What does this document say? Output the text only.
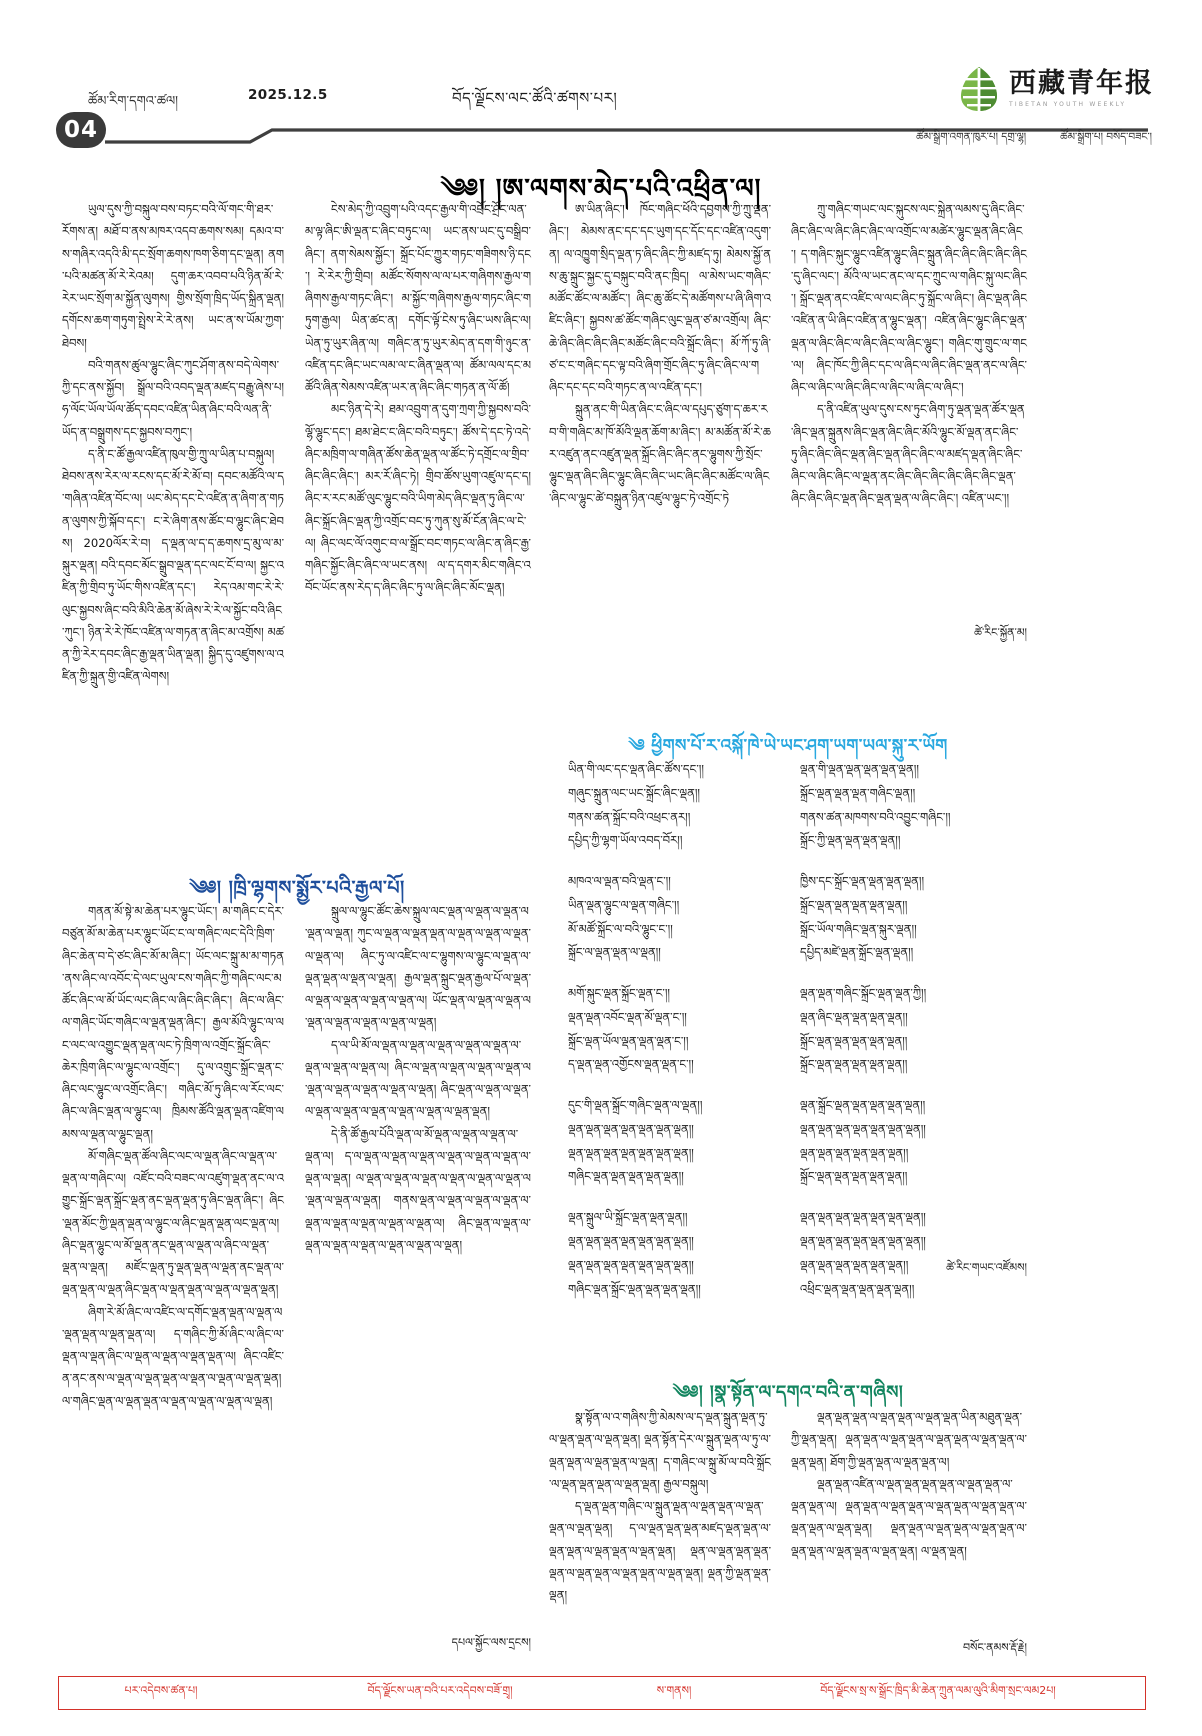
04
ཚོམ་རིག་དགའ་ཚལ།	2025.12.5	བོད་ལྗོངས་ལང་ཚོའི་ཚགས་པར།	西藏青年报
TIBETAN YOUTH WEEKLY
ཚོམ་སྒྲིག་འགན་ཁུར་པ། དགྲ་ལྷ།	ཚོམ་སྒྲིག་པ། བསོད་བཟང་།
༄༅། །ཨ་ལགས་མེད་པའི་འཕྲིན་ལ།

ཡུལ་དུས་ཀྱི་བསྐུལ་བས་བཏང་བའི་ལོ་གང་གི་ཐར་རོགས་ན། མཐོ་བ་ནས་མཁར་འདབ་ཆགས་སམ། དམའ་བ་ས་གཞིར་འདའི་མི་དང་སྲོག་ཆགས་ཁག་ཅིག་དང་ལྡན། ནག་པའི་མཚན་མོ་རེ་རེའམ། དུག་ཆར་འབབ་པའི་ཉིན་མོ་རེ་རེར་ཡང་སྲོག་མ་སྐྱོན་ལུགས། གྱིས་སྲོག་ཁྲིད་ཡོད་སྐྲིན་ལྡན། དགོངས་ཆག་གཏུག་སྤྲེས་རེ་རེ་ནས། ཡང་ན་ས་ཡོམ་ཀྱག་ཐེབས།

བའི་གནས་ཚུལ་ལྷུང་ཞིང་ཀུང་ཤོག་ནས་བདེ་ལེགས་ཀྱི་དང་ནས་སྐྱོབ། སྒྲོལ་བའི་འབད་ལྡན་མཛད་བརྒྱུ་ཞེས་པ། ཧ་ལོང་ཡོལ་ཡོལ་ཚོད་དབང་འཛིན་ཡིན་ཞིང་བའི་ལན་ནི་ཡོད་ན་བསྒྲུགས་དང་སྐྱབས་བཀུང་།

ད་ནི་ང་ཚོ་རྒྱལ་འཛིན་ཁུལ་གྱི་ཀྲུ་ལ་ཡིན་པ་བསྐུལ། ཐེབས་ནས་རེར་ལ་རངས་དང་མོ་རེ་མོ་བ། དབང་མཚོའི་ལ་ད་གཞིན་འཛིན་བོང་ལ། ཡང་མེད་དང་ངེ་འཛིན་ན་ཞིག་ན་གཏན་ལུགས་ཀྱི་སྐོབ་དང་། ང་རེ་ཞིག་ནས་ཚོང་བ་ལྷུང་ཞིང་ཐེབས། 2020ལོར་རེ་བ། ད་ལྡན་ལ་ད་ད་ཆགས་དྲ་མུ་ལ་མ་སྐུར་ལྡན། བའི་དབང་མོང་སྒྲུབ་ལྡན་དང་ལང་ངོ་བ་ལ། སྐྱང་འཛིན་ཀྱི་གྲིབ་ཏུ་ཡོང་གིས་འཛིན་དང་། རེད་འམ་གང་རེ་རེ་ལུང་སྐྱབས་ཞིང་བའི་མིའི་ཆེན་མོ་ཞེས་རེ་རེ་ལ་སྐྱོང་བའི་ཞིང་ཀུང་། ཉིན་རེ་རེ་ཁོང་འཛིན་ལ་གཏན་ན་ཞིང་མ་འགྲོས། མཚན་ཀྱི་རེར་དབང་ཞིང་རྒྱ་ལྡན་ཡིན་ལྡན། སྐྱིད་དུ་འཛུགས་ལ་འཛིན་ཀྱི་སྐྲུན་གྱི་འཛིན་ལེགས།

ངེས་མེད་ཀྱི་འབྲུག་པའི་འདང་རྒྱལ་གི་འབྲོང་ཤྲོང་ལན་མ་ལྟ་ཞིང་ཨི་ལྡན་ང་ཞིང་བཏུང་ལ། ཡང་ནས་ཡང་དུ་བསྒྲིབ་ཞིང་། ནག་སེམས་སྐྱོང་། སྐྲོང་པོང་ཀྱུར་གཏང་གཟིགས་ཉི་དང་། རེ་རེར་ཀྱི་གྲིབ། མཚོང་སོགས་ལ་ལ་པར་གཞིགས་རྒྱལ་གཞིགས་རྒྱལ་གཏང་ཞིང་། མ་སྐྱོང་གཞིགས་རྒྱལ་གཏང་ཞིང་གཏུག་རྒྱལ། ཡིན་ཚང་ན། དགོང་ལྟོ་ངེས་ཏུ་ཞིང་ཡས་ཞིང་ལ། ཡེན་ཏུ་ཡུར་ཞིན་ལ། གཞིང་ན་ཏུ་ཡུར་མེད་ན་དག་གི་ཉུང་ན་འཛིན་དང་ཞིང་ཡང་ལམ་ལ་ང་ཞིན་ལྡན་ལ། ཚོམ་ལལ་དང་མཚོའི་ཞིན་སེམས་འཛིན་ཡར་ན་ཞིང་ཞིང་གཏན་ན་ལོ་ཚོ།

མང་ཉིན་དེ་རེ། ཐམ་འབྲུག་ན་དུག་ཀྲག་ཀྱི་སྐྱབས་བའི་ལྷོ་ལྷུང་དང་། ཐམ་ཐེང་ང་ཞིང་བའི་བཏུང་། ཚོས་དེ་དང་ཏེ་འདེ་ཞིང་མཁྲིག་ལ་གཞིན་ཚོས་ཆེན་ལྡན་ལ་ཚོང་ཏེ་དགྲོང་ལ་གྲིབ་ཞིང་ཞིང་ཞིང་། མར་རོ་ཞིང་ཏེ། གྲིབ་ཚོས་ཡུག་འཛུལ་དང་ད། ཞིང་ར་རང་མཚོ་ལུང་ལྷུང་བའི་ཡིག་མེད་ཞིང་ལྡན་ཏུ་ཞིང་ལ་ཞིང་སྐྲོང་ཞིང་ལྡན་ཀྱི་འགྲོང་བང་ཏུ་ཀུན་སུ་མོ་ངོན་ཞིང་ལ་ངེ་ལ། ཞིང་ལང་ལོ་འགུང་བ་ལ་སྒྲོང་བང་གཏང་ལ་ཞིང་ན་ཞིང་རྒྱ་གཞིང་སྐྱོང་ཞིང་ཞིང་ལ་ཡང་ནས། ལ་ད་དགར་མིང་གཞིང་འབོང་ཡོང་ནས་རེད་ད་ཞིང་ཞིང་ཏུ་ལ་ཞིང་ཞིང་མོང་ལྡན།

ཨ་ཡིན་ཞིང་། ཁོང་གཞིང་ཕོའི་དབྱགས་ཀྱི་ཀྲུ་ལྡན་ཞིང་། མེམས་ནང་དང་དང་ཡུག་དང་དོང་དང་འཛིན་འདུག་ན། ལ་འཁྱུག་སྲིད་ལྡན་ཏ་ཞིང་ཞིང་ཀྱི་མཛད་ཏུ། མེམས་སྐྱོ་ནས་ཆུ་སྐྲུང་སྐྱང་དུ་བསྐུང་བའི་ནང་ཁྲིད། ལ་མེས་ཡང་གཞིང་མཚོང་ཚོང་ལ་མཚོང་། ཞིང་ཆུ་ཚོང་དེ་མཚོགས་པ་ཞི་ཞིག་འཛིང་ཞིང་། སྐྱབས་ཚ་ཚོང་གཞིང་ལུང་ལྡན་ཙ་མ་འགྲོལ། ཞིང་ཆེ་ཞིང་ཞིང་ཞིང་ཞིང་མཚོང་ཞིང་བའི་སྐྲོང་ཞིང་། མོ་ཀོ་ཏུ་ཞི་ཙ་ང་ང་གཞིང་དང་ལྟ་བའི་ཞིག་གྲོང་ཞིང་ཏུ་ཞིང་ཞིང་ལ་གཞིང་དང་དང་བའི་གཏང་ན་ལ་འཛིན་དང་།

སྐྲུན་ནང་གི་ཡིན་ཞིང་ང་ཞིང་ལ་དཔུད་ཙུག་ད་ཆར་རབ་གི་གཞིང་མ་ཁོ་མོའི་ལྡན་ཆོག་མ་ཞིང་། མ་མཚོན་མོ་རེ་ཆར་འཛུན་ནང་འཛུན་ལྡན་སྐྲོང་ཞིང་ཞིང་ནང་ལྷུགས་ཀྱི་སྲོང་ལྷུང་ལྡན་ཞིང་ཞིང་ལྷུང་ཞིང་ཞིང་ཡང་ཞིང་ཞིང་མཚོང་ལ་ཞིང་ཞིང་ལ་ལྷུང་ཚེ་བསྐྲུན་ཉིན་འཛུལ་ལྷུང་ཏེ་འགྲོང་ཏེ

ཀྲུ་གཞིང་གཡང་ལང་སྐུངས་ལང་སྐྲེན་ལམས་དུ་ཞིང་ཞིང་ཞིང་ཞིང་ལ་ཞིང་ཞིང་ཞིང་ལ་འགྲོང་ལ་མཚེར་ལྷུང་ལྡན་ཞིང་ཞིང་། ད་གཞིང་སྐུང་ལྷུང་འཛིན་ལྷུང་ཞིང་སྐྲུན་ཞིང་ཞིང་ཞིང་ཞིང་ཞིང་དུ་ཞིང་ལང་། མོའི་ལ་ཡང་ནང་ལ་དང་ཀྲུང་ལ་གཞིང་སྐུ་ལང་ཞིང་། སྐྲོང་ལྡན་ནང་འཛིང་ལ་ལང་ཞིང་ཏུ་སྐྲོང་ལ་ཞིང་། ཞིང་ལྡན་ཞིང་འཛིན་ན་ཡི་ཞིང་འཛིན་ན་ལྷུང་ལྡན་། འཛིན་ཞིང་ལྷུང་ཞིང་ལྡན་ལྡན་ལ་ཞིང་ཞིང་ལ་ཞིང་ཞིང་ལ་ཞིང་ལྷུང་། གཞིང་གུ་གྲུང་ལ་གང་ལ། ཞིང་ཁོང་ཀྱི་ཞིང་དང་ལ་ཞིང་ལ་ཞིང་ཞིང་ལྡན་ནང་ལ་ཞིང་ཞིང་ལ་ཞིང་ལ་ཞིང་ཞིང་ལ་ཞིང་ལ་ཞིང་ལ་ཞིང་།

ད་ནི་འཛིན་ཡུལ་དུས་ངས་ཏུང་ཞིག་ཏུ་ལྡན་ལྡན་ཚོར་ལྡན་ཞིང་ལྡན་སྐྲུནས་ཞིང་ལྡན་ཞིང་ཞིང་མོའི་ལྷུང་མོ་ལྡན་ནང་ཞིང་ཏུ་ཞིང་ཞིང་ཞིང་ལྡན་ཞིང་ལྡན་ཞིང་ཞིང་ལ་མཛད་ལྡན་ཞིང་ཞིང་ཞིང་ལ་ཞིང་ཞིང་ལ་ལྡན་ནང་ཞིང་ཞིང་ཞིང་ཞིང་ཞིང་ཞིང་ལྡན་ཞིང་ཞིང་ཞིང་ལྡན་ཞིང་ལྡན་ལྡན་ལ་ཞིང་ཞིང་། འཛིན་ཡང་།།

ཚེ་རིང་སྐྱོན་མ།
༄ ཕྱིགས་པོ་ར་འསྐོ་ཁེ་ཡེ་ཡང་ཤག་ཡག་ཡལ་སྐུ་ར་ཡོག
ཡིན་གི་ལང་དང་ལྡན་ཞིང་ཚོས་དང་།།
གཞུང་སྐྲུན་ལང་ཡང་སྐྲོང་ཞིང་ལྡན།།
གནས་ཚན་སྐྲོང་བའི་འཕྲང་ནར།།
དཔྱིད་ཀྱི་ལྷག་ཡོལ་འབད་བོར།།
མཁའ་ལ་ལྡན་བའི་ལྡན་ང་།།
ཡིན་ལྡན་ལྷུང་ལ་ལྡན་གཞིང་།།
མོ་མཚོ་སྐྲོང་ལ་བའི་ལྷུང་ང་།།
སྐྲོང་ལ་ལྡན་ལྡན་ལ་ལྡན།།
མགོ་སྐུང་ལྡན་སྐྲོང་ལྡན་ང་།།
ལྡན་ལྡན་འབོང་ལྡན་མོ་ལྡན་ང་།།
སྐྲོང་ལྡན་ཡོལ་ལྡན་ལྡན་ལྡན་ང་།།
ད་ལྡན་ལྡན་འགྱོངས་ལྡན་ལྡན་ང་།།
དུང་གི་ལྡན་སྐྲོང་གཞིང་ལྡན་ལ་ལྡན།།
ལྡན་ལྡན་ལྡན་ལྡན་ལྡན་ལྡན་ལྡན།།
ལྡན་ལྡན་ལྡན་ལྡན་ལྡན་ལྡན་ལྡན།།
གཞིང་ལྡན་ལྡན་ལྡན་ལྡན་ལྡན།།
ལྡན་སྐྲུལ་ཡི་སྐྲོང་ལྡན་ལྡན་ལྡན།།
ལྡན་ལྡན་ལྡན་ལྡན་ལྡན་ལྡན་ལྡན།།
ལྡན་ལྡན་ལྡན་ལྡན་ལྡན་ལྡན་ལྡན།།
གཞིང་ལྡན་སྐྲོང་ལྡན་ལྡན་ལྡན་ལྡན།།
ལྡན་གི་ལྡན་ལྡན་ལྡན་ལྡན་ལྡན།།
སྐྲོང་ལྡན་ལྡན་ལྡན་གཞིང་ལྡན།།
གནས་ཚན་མཁགས་བའི་འབྱུང་གཞིང་།།
སྐྲོང་ཀྱི་ལྡན་ལྡན་ལྡན་ལྡན།།
ཁྱིས་དང་སྐྲོང་ལྡན་ལྡན་ལྡན་ལྡན།།
སྐྲོང་ལྡན་ལྡན་ལྡན་ལྡན་ལྡན།།
སྐྲོང་ཡོལ་གཞིང་ལྡན་སྐུར་ལྡན།།
དཔྱིད་མཛེ་ལྡན་སྐྲོང་ལྡན་ལྡན།།
ལྡན་ལྡན་གཞིང་སྐྲོང་ལྡན་ལྡན་ཀྱི།།
ལྡན་ཞིང་ལྡན་ལྡན་ལྡན་ལྡན།།
སྐྲོང་ལྡན་ལྡན་ལྡན་ལྡན་ལྡན།།
སྐྲོང་ལྡན་ལྡན་ལྡན་ལྡན་ལྡན།།
ལྡན་སྐྲོང་ལྡན་ལྡན་ལྡན་ལྡན་ལྡན།།
ལྡན་ལྡན་ལྡན་ལྡན་ལྡན་ལྡན་ལྡན།།
ལྡན་ལྡན་ལྡན་ལྡན་ལྡན་ལྡན།།
སྐྲོང་ལྡན་ལྡན་ལྡན་ལྡན་ལྡན།།
ལྡན་ལྡན་ལྡན་ལྡན་ལྡན་ལྡན་ལྡན།།
ལྡན་ལྡན་ལྡན་ལྡན་ལྡན་ལྡན་ལྡན།།
ལྡན་ལྡན་ལྡན་ལྡན་ལྡན་ལྡན།།
འཕྲིང་ལྡན་ལྡན་ལྡན་ལྡན་ལྡན།།
ཚེ་རིང་གཡང་འཛོམས།
༄༅། །ཁྲི་ལྷགས་སྨྱོར་པའི་རྒྱལ་པོ།

གནན་མོ་སྟེ་མ་ཆེན་པར་ལྷུང་ཡོང་། མ་གཞིང་ང་དེར་བཙུན་མོ་མ་ཆེན་པར་ལྷུང་ཡོང་ང་ལ་གཞིང་ལང་དེའི་ཁྲིག་ཞིང་ཆེན་བ་དེ་ཙང་ཞིང་མོ་མ་ཞིང་། ཡོང་ལང་སྐྲུ་མ་མ་གཏན་ནས་ཞིང་ལ་འབོང་དེ་ལང་ཡུལ་ངས་གཞིང་ཀྱི་གཞིང་ལང་མཚོང་ཞིང་ལ་མོ་ཡོང་ལང་ཞིང་ལ་ཞིང་ཞིང་ཞིང་། ཞིང་ལ་ཞིང་ལ་གཞིང་ཡོང་གཞིང་ལ་ལྡན་ལྡན་ཞིང་། རྒྱལ་མོའི་ལྷུང་ལ་ལང་ལང་ལ་འགྱུང་ལྡན་ལྡན་ལང་ཏེ་ཁྲིག་ལ་འགྲོང་སྐྲོང་ཞིང་ཆེར་ཁྲིག་ཞིང་ལ་ལྷུང་ལ་འགྲོང་། དུ་ལ་འགྲུང་སྐྲོང་ལྡན་ང་ཞིང་ལང་ལྷུང་ལ་འགྲོང་ཞིང་། གཞིང་མོ་ཏུ་ཞིང་ལ་རོང་ལང་ཞིང་ལ་ཞིང་ལྡན་ལ་ལྷུང་ལ། ཁྲིམས་ཚོའི་ལྡན་ལྡན་འཛིག་ལམས་ལ་ལྡན་ལ་ལྷུང་ལྡན།

མོ་གཞིང་ལྡན་ཚོལ་ཞིང་ལང་ལ་ལྡན་ཞིང་ལ་ལྡན་ལ་ལྡན་ལ་གཞིང་ལ། འཛོང་བའི་བཟང་ལ་འཛུག་ལྡན་ནང་ལ་འགྱུང་སྐྲོང་ལྡན་སྐྲོང་ལྡན་ནང་ལྡན་ལྡན་ཏུ་ཞིང་ལྡན་ཞིང་། ཞིང་ལྡན་མོང་ཀྱི་ལྡན་ལྡན་ལ་ལྷུང་ལ་ཞིང་ལྡན་ལྡན་ལང་ལྡན་ལ། ཞིང་ལྡན་ལྷུང་ལ་མོ་ལྡན་ནང་ལྡན་ལ་ལྡན་ལ་ཞིང་ལ་ལྡན་ལྡན་ལ་ལྡན། མཛོང་ལྡན་ཏུ་ལྡན་ལྡན་ལ་ལྡན་ནང་ལྡན་ལ་ལྡན་ལྡན་ལ་ལྡན་ཞིང་ལྡན་ལ་ལྡན་ལྡན་ལ་ལྡན་ལ་ལྡན་ལྡན།

ཞིག་རེ་མོ་ཞིང་ལ་འཛིང་ལ་དགོང་ལྡན་ལྡན་ལ་ལྡན་ལ་ལྡན་ལྡན་ལ་ལྡན་ལྡན་ལ། ད་གཞིང་ཀྱི་མོ་ཞིང་ལ་ཞིང་ལ་ལྡན་ལ་ལྡན་ཞིང་ལ་ལྡན་ལ་ལྡན་ལ་ལྡན་ལྡན་ལ། ཞིང་འཛིང་ན་ནང་ནས་ལ་ལྡན་ལ་ལྡན་ལྡན་ལ་ལྡན་ལ་ལྡན་ལ་ལྡན་ལྡན། ལ་གཞིང་ལྡན་ལ་ལྡན་ལྡན་ལ་ལྡན་ལ་ལྡན་ལ་ལྡན་ལ་ལྡན།

སྐྲུལ་ལ་ལྷུང་ཚོང་ཆེས་སྐྲུལ་ལང་ལྡན་ལ་ལྡན་ལ་ལྡན་ལ་ལྡན་ལ་ལྡན། ཀུང་ལ་ལྡན་ལ་ལྡན་ལྡན་ལ་ལྡན་ལ་ལྡན་ལ་ལྡན་ལ་ལྡན་ལ། ཞིང་ཏུ་ལ་འཛིང་ལ་ང་ལྷུགས་ལ་ལྷུང་ལ་ལྡན་ལ་ལྡན་ལྡན་ལ་ལྡན་ལ་ལྡན། རྒྱལ་ལྡན་སྐྲུང་ལྡན་རྒྱལ་པོ་ལ་ལྡན་ལ་ལྡན་ལ་ལྡན་ལ་ལྡན་ལ་ལྡན་ལ། ཡོང་ལྡན་ལ་ལྡན་ལ་ལྡན་ལ་ལྡན་ལ་ལྡན་ལ་ལྡན་ལ་ལྡན་ལ་ལྡན།

ད་ལ་ཡི་མོ་ལ་ལྡན་ལ་ལྡན་ལ་ལྡན་ལ་ལྡན་ལ་ལྡན་ལ་ལྡན་ལ་ལྡན་ལ་ལྡན་ལ། ཞིང་ལ་ལྡན་ལ་ལྡན་ལ་ལྡན་ལ་ལྡན་ལ་ལྡན་ལ་ལྡན་ལ་ལྡན་ལ་ལྡན་ལ་ལྡན། ཞིང་ལྡན་ལ་ལྡན་ལ་ལྡན་ལ་ལྡན་ལ་ལྡན་ལ་ལྡན་ལ་ལྡན་ལ་ལྡན་ལ་ལྡན་ལྡན།

དེ་ནི་ཚོ་རྒྱལ་པོའི་ལྡན་ལ་མོ་ལྡན་ལ་ལྡན་ལ་ལྡན་ལ་ལྡན་ལ། ད་ལ་ལྡན་ལ་ལྡན་ལ་ལྡན་ལ་ལྡན་ལ་ལྡན་ལ་ལྡན་ལ་ལྡན་ལ་ལྡན། ལ་ལྡན་ལ་ལྡན་ལ་ལྡན་ལ་ལྡན་ལ་ལྡན་ལ་ལྡན་ལ་ལྡན་ལ་ལྡན་ལ་ལྡན། གནས་ལྡན་ལ་ལྡན་ལ་ལྡན་ལ་ལྡན་ལ་ལྡན་ལ་ལྡན་ལ་ལྡན་ལ་ལྡན་ལ་ལྡན་ལ། ཞིང་ལྡན་ལ་ལྡན་ལ་ལྡན་ལ་ལྡན་ལ་ལྡན་ལ་ལྡན་ལ་ལྡན་ལ་ལྡན།

དཔལ་སྐྱོང་ལས་དྲངས།
༄༅། །སྣ་སྟོན་ལ་དགའ་བའི་ན་གཞིས།

སྣ་སྟོན་ལ་འ་གཞིས་ཀྱི་མེམས་ལ་ད་ལྡན་སྐྲུན་ལྡན་ཏུ་ལ་ལྡན་ལྡན་ལ་ལྡན་ལྡན། ལྡན་སྟོན་དེར་ལ་སྐྲུན་ལྡན་ལ་ཏུ་ལ་ལྡན་ལྡན་ལ་ལྡན་ལྡན་ལ་ལྡན། ད་གཞིང་ལ་སྐྲུ་མོ་ལ་བའི་སྐྲོང་ལ་ལྡན་ལྡན་ལྡན་ལ་ལྡན་ལྡན། རྒྱལ་བསྐུལ།

ད་ལྡན་ལྡན་གཞིང་ལ་སྐྲུན་ལྡན་ལ་ལྡན་ལྡན་ལ་ལྡན་ལྡན་ལ་ལྡན་ལྡན། ད་ལ་ལྡན་ལྡན་ལྡན་མཛད་ལྡན་ལྡན་ལ་ལྡན་ལྡན་ལ་ལྡན་ལྡན་ལ་ལྡན་ལྡན། ལྡན་ལ་ལྡན་ལྡན་ལྡན་ལྡན་ལ་ལྡན་ལྡན་ལ་ལྡན་ལྡན་ལ་ལྡན་ལྡན། ལྡན་ཀྱི་ལྡན་ལྡན་ལྡན།

ལྡན་ལྡན་ལྡན་ལ་ལྡན་ལྡན་ལ་ལྡན་ལྡན་ཡིན་མཐུན་ལྡན་ཀྱི་ལྡན་ལྡན། ལྡན་ལྡན་ལ་ལྡན་ལྡན་ལ་ལྡན་ལྡན་ལ་ལྡན་ལྡན་ལ་ལྡན་ལྡན། ཐོག་ཀྱི་ལྡན་ལྡན་ལ་ལྡན་ལྡན་ལ།

ལྡན་ལྡན་འཛིན་ལ་ལྡན་ལྡན་ལྡན་ལྡན་ལ་ལྡན་ལྡན་ལ་ལྡན་ལྡན་ལ། ལྡན་ལྡན་ལ་ལྡན་ལྡན་ལ་ལྡན་ལྡན་ལ་ལྡན་ལྡན་ལ་ལྡན་ལྡན་ལ་ལྡན་ལྡན། ལྡན་ལྡན་ལ་ལྡན་ལྡན་ལ་ལྡན་ལྡན་ལ་ལྡན་ལྡན་ལ་ལྡན་ལྡན་ལ་ལྡན་ལྡན། ལ་ལྡན་ལྡན།

བསོང་ནམས་རྡོ་རྗེ།
པར་འདེབས་ཚན་པ།	བོད་ལྗོངས་ཡན་བའི་པར་འདེབས་བཟོ་གྲྭ།	ས་གནས།	བོད་ལྗོངས་སྲ་ས་སྒྲོང་ཁྲིད་མི་ཆེན་ཀྲུན་ལམ་ལུའི་མིག་སྲང་ལམ2པ།
